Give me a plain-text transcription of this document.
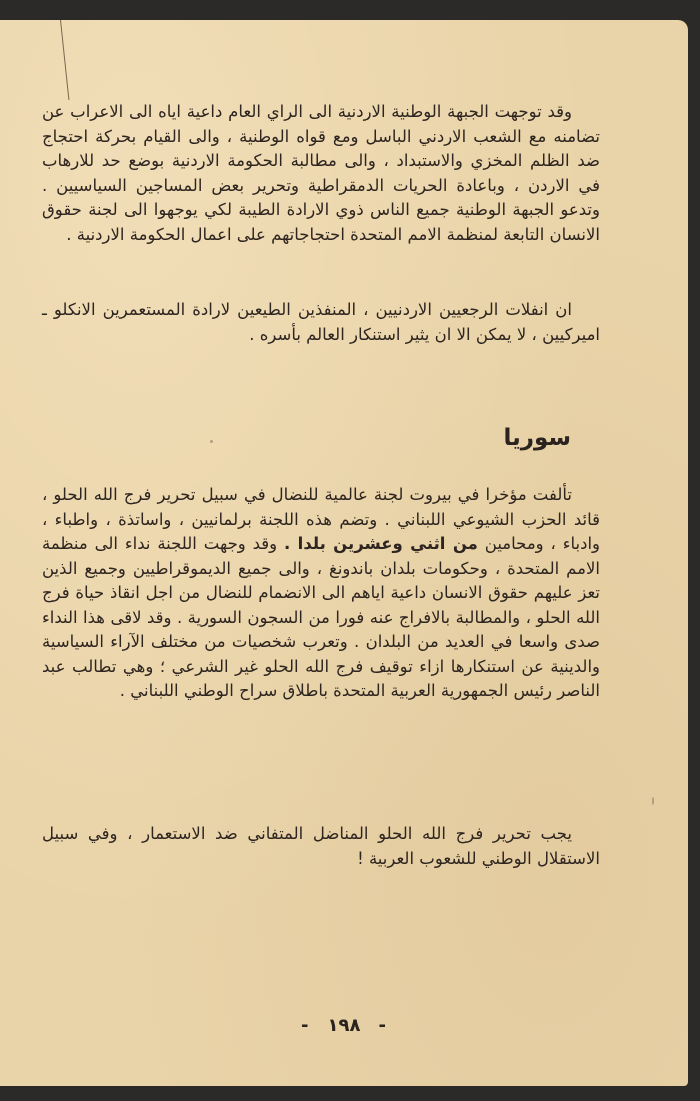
وقد توجهت الجبهة الوطنية الاردنية الى الراي العام داعية اياه الى الاعراب عن تضامنه مع الشعب الاردني الباسل ومع قواه الوطنية ، والى القيام بحركة احتجاج ضد الظلم المخزي والاستبداد ، والى مطالبة الحكومة الاردنية بوضع حد للارهاب في الاردن ، وباعادة الحريات الدمقراطية وتحرير بعض المساجين السياسيين . وتدعو الجبهة الوطنية جميع الناس ذوي الارادة الطيبة لكي يوجهوا الى لجنة حقوق الانسان التابعة لمنظمة الامم المتحدة احتجاجاتهم على اعمال الحكومة الاردنية .

ان انفلات الرجعيين الاردنيين ، المنفذين الطيعين لارادة المستعمرين الانكلو ـ اميركيين ، لا يمكن الا ان يثير استنكار العالم بأسره .

سوريا

تألفت مؤخرا في بيروت لجنة عالمية للنضال في سبيل تحرير فرج الله الحلو ، قائد الحزب الشيوعي اللبناني . وتضم هذه اللجنة برلمانيين ، واساتذة ، واطباء ، وادباء ، ومحامين من اثني وعشرين بلدا . وقد وجهت اللجنة نداء الى منظمة الامم المتحدة ، وحكومات بلدان باندونغ ، والى جميع الديموقراطيين وجميع الذين تعز عليهم حقوق الانسان داعية اياهم الى الانضمام للنضال من اجل انقاذ حياة فرج الله الحلو ، والمطالبة بالافراج عنه فورا من السجون السورية . وقد لاقى هذا النداء صدى واسعا في العديد من البلدان . وتعرب شخصيات من مختلف الآراء السياسية والدينية عن استنكارها ازاء توقيف فرج الله الحلو غير الشرعي ؛ وهي تطالب عبد الناصر رئيس الجمهورية العربية المتحدة باطلاق سراح الوطني اللبناني .

يجب تحرير فرج الله الحلو المناضل المتفاني ضد الاستعمار ، وفي سبيل الاستقلال الوطني للشعوب العربية !

- ١٩٨ -
